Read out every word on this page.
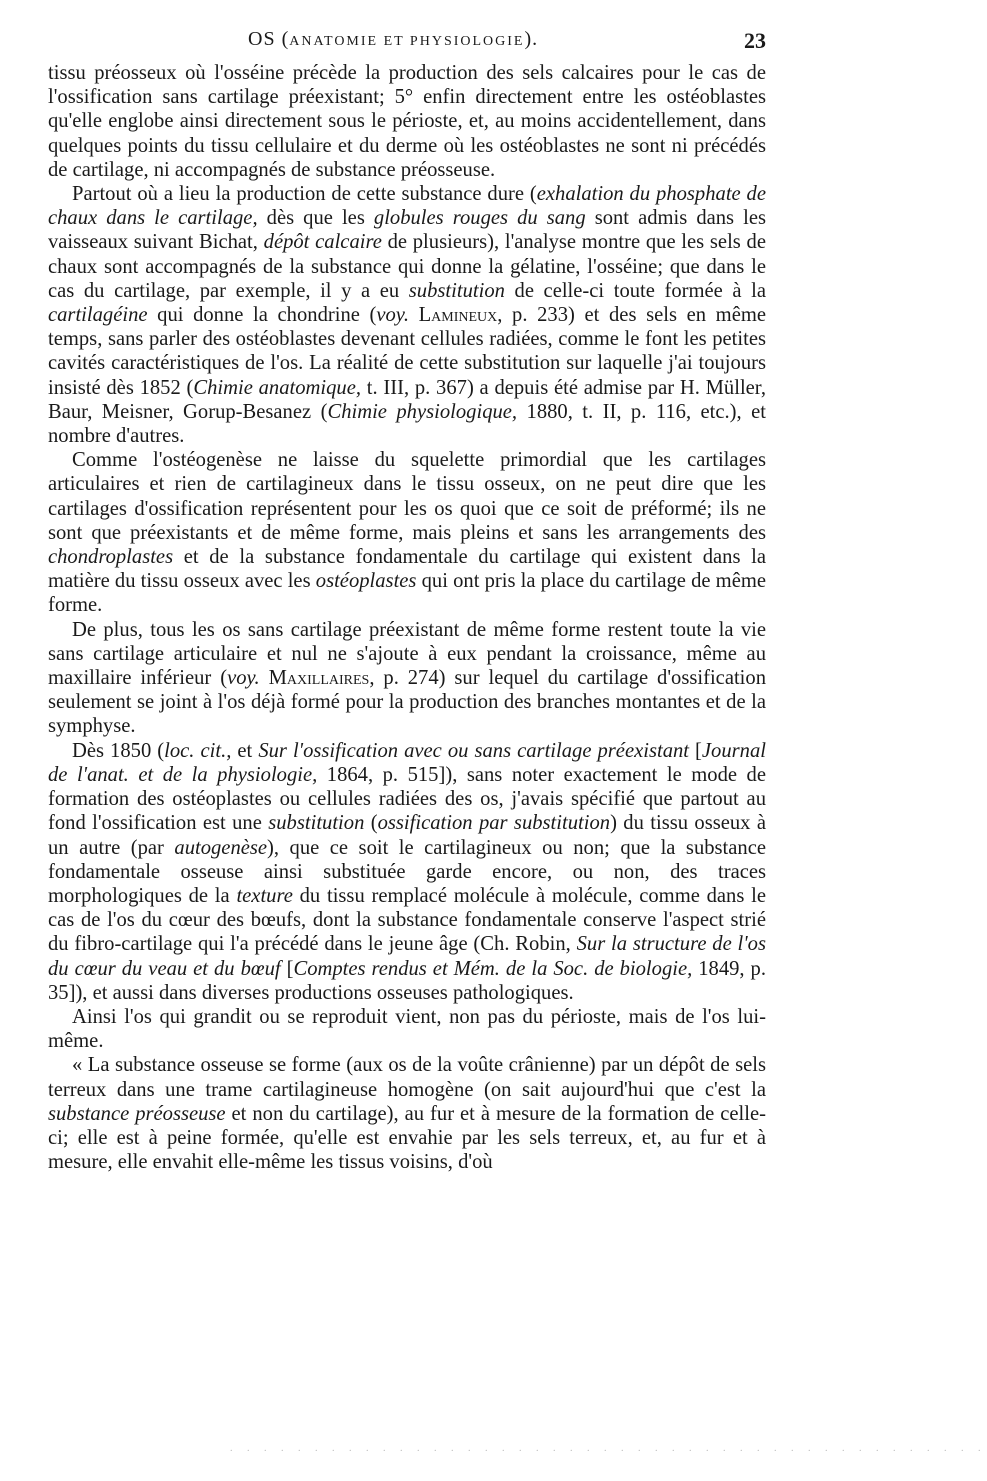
OS (ANATOMIE ET PHYSIOLOGIE).	23

tissu préosseux où l'osséine précède la production des sels calcaires pour le cas de l'ossification sans cartilage préexistant; 5° enfin directement entre les ostéoblastes qu'elle englobe ainsi directement sous le périoste, et, au moins accidentellement, dans quelques points du tissu cellulaire et du derme où les ostéoblastes ne sont ni précédés de cartilage, ni accompagnés de substance préosseuse.

Partout où a lieu la production de cette substance dure (exhalation du phosphate de chaux dans le cartilage, dès que les globules rouges du sang sont admis dans les vaisseaux suivant Bichat, dépôt calcaire de plusieurs), l'analyse montre que les sels de chaux sont accompagnés de la substance qui donne la gélatine, l'osséine; que dans le cas du cartilage, par exemple, il y a eu substitution de celle-ci toute formée à la cartilagéine qui donne la chondrine (voy. Lamineux, p. 233) et des sels en même temps, sans parler des ostéoblastes devenant cellules radiées, comme le font les petites cavités caractéristiques de l'os. La réalité de cette substitution sur laquelle j'ai toujours insisté dès 1852 (Chimie anatomique, t. III, p. 367) a depuis été admise par H. Müller, Baur, Meisner, Gorup-Besanez (Chimie physiologique, 1880, t. II, p. 116, etc.), et nombre d'autres.

Comme l'ostéogenèse ne laisse du squelette primordial que les cartilages articulaires et rien de cartilagineux dans le tissu osseux, on ne peut dire que les cartilages d'ossification représentent pour les os quoi que ce soit de préformé; ils ne sont que préexistants et de même forme, mais pleins et sans les arrangements des chondroplastes et de la substance fondamentale du cartilage qui existent dans la matière du tissu osseux avec les ostéoplastes qui ont pris la place du cartilage de même forme.

De plus, tous les os sans cartilage préexistant de même forme restent toute la vie sans cartilage articulaire et nul ne s'ajoute à eux pendant la croissance, même au maxillaire inférieur (voy. Maxillaires, p. 274) sur lequel du cartilage d'ossification seulement se joint à l'os déjà formé pour la production des branches montantes et de la symphyse.

Dès 1850 (loc. cit., et Sur l'ossification avec ou sans cartilage préexistant [Journal de l'anat. et de la physiologie, 1864, p. 515]), sans noter exactement le mode de formation des ostéoplastes ou cellules radiées des os, j'avais spécifié que partout au fond l'ossification est une substitution (ossification par substitution) du tissu osseux à un autre (par autogenèse), que ce soit le cartilagineux ou non; que la substance fondamentale osseuse ainsi substituée garde encore, ou non, des traces morphologiques de la texture du tissu remplacé molécule à molécule, comme dans le cas de l'os du cœur des bœufs, dont la substance fondamentale conserve l'aspect strié du fibro-cartilage qui l'a précédé dans le jeune âge (Ch. Robin, Sur la structure de l'os du cœur du veau et du bœuf [Comptes rendus et Mém. de la Soc. de biologie, 1849, p. 35]), et aussi dans diverses productions osseuses pathologiques.

Ainsi l'os qui grandit ou se reproduit vient, non pas du périoste, mais de l'os lui-même.

« La substance osseuse se forme (aux os de la voûte crânienne) par un dépôt de sels terreux dans une trame cartilagineuse homogène (on sait aujourd'hui que c'est la substance préosseuse et non du cartilage), au fur et à mesure de la formation de celle-ci; elle est à peine formée, qu'elle est envahie par les sels terreux, et, au fur et à mesure, elle envahit elle-même les tissus voisins, d'où

. . . . . . . . . . . . . . . . . . . . . . . . . . . . . . . . . . . . . . . . . . . . .
